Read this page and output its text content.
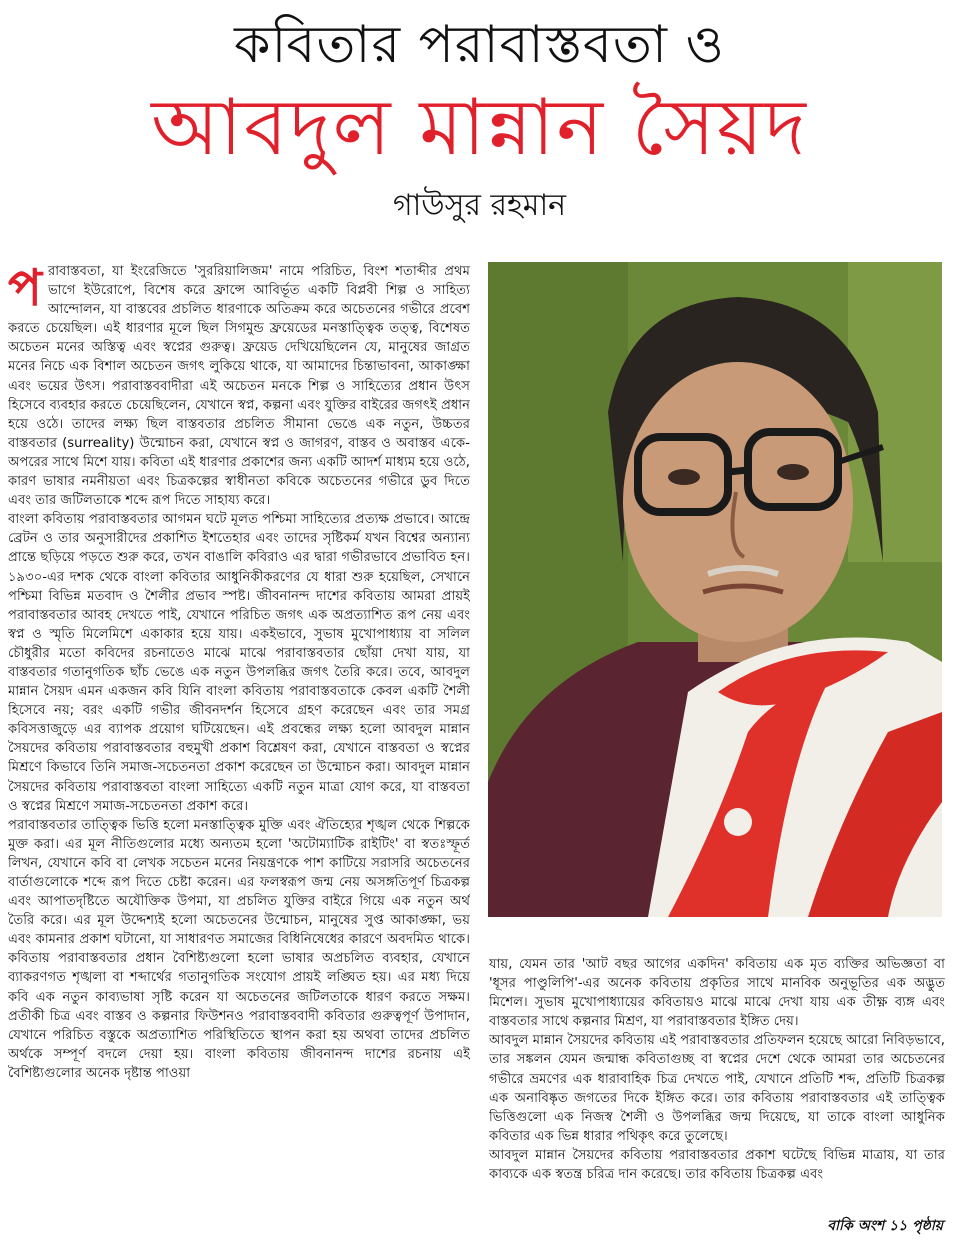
কবিতার পরাবাস্তবতা ও
আবদুল মান্নান সৈয়দ
গাউসুর রহমান

পরাবাস্তবতা, যা ইংরেজিতে 'সুররিয়ালিজম' নামে পরিচিত, বিংশ শতাব্দীর প্রথম ভাগে ইউরোপে, বিশেষ করে ফ্রান্সে আবির্ভূত একটি বিপ্লবী শিল্প ও সাহিত্য আন্দোলন, যা বাস্তবের প্রচলিত ধারণাকে অতিক্রম করে অচেতনের গভীরে প্রবেশ করতে চেয়েছিল। এই ধারণার মূলে ছিল সিগমুন্ড ফ্রয়েডের মনস্তাত্ত্বিক তত্ত্ব, বিশেষত অচেতন মনের অস্তিত্ব এবং স্বপ্নের গুরুত্ব। ফ্রয়েড দেখিয়েছিলেন যে, মানুষের জাগ্রত মনের নিচে এক বিশাল অচেতন জগৎ লুকিয়ে থাকে, যা আমাদের চিন্তাভাবনা, আকাঙ্ক্ষা এবং ভয়ের উৎস। পরাবাস্তববাদীরা এই অচেতন মনকে শিল্প ও সাহিত্যের প্রধান উৎস হিসেবে ব্যবহার করতে চেয়েছিলেন, যেখানে স্বপ্ন, কল্পনা এবং যুক্তির বাইরের জগৎই প্রধান হয়ে ওঠে। তাদের লক্ষ্য ছিল বাস্তবতার প্রচলিত সীমানা ভেঙে এক নতুন, উচ্চতর বাস্তবতার (surreality) উন্মোচন করা, যেখানে স্বপ্ন ও জাগরণ, বাস্তব ও অবাস্তব একে-অপরের সাথে মিশে যায়। কবিতা এই ধারণার প্রকাশের জন্য একটি আদর্শ মাধ্যম হয়ে ওঠে, কারণ ভাষার নমনীয়তা এবং চিত্রকল্পের স্বাধীনতা কবিকে অচেতনের গভীরে ডুব দিতে এবং তার জটিলতাকে শব্দে রূপ দিতে সাহায্য করে।

বাংলা কবিতায় পরাবাস্তবতার আগমন ঘটে মূলত পশ্চিমা সাহিত্যের প্রত্যক্ষ প্রভাবে। আন্দ্রে ব্রেটন ও তার অনুসারীদের প্রকাশিত ইশতেহার এবং তাদের সৃষ্টিকর্ম যখন বিশ্বের অন্যান্য প্রান্তে ছড়িয়ে পড়তে শুরু করে, তখন বাঙালি কবিরাও এর দ্বারা গভীরভাবে প্রভাবিত হন। ১৯৩০-এর দশক থেকে বাংলা কবিতার আধুনিকীকরণের যে ধারা শুরু হয়েছিল, সেখানে পশ্চিমা বিভিন্ন মতবাদ ও শৈলীর প্রভাব স্পষ্ট। জীবনানন্দ দাশের কবিতায় আমরা প্রায়ই পরাবাস্তবতার আবহ দেখতে পাই, যেখানে পরিচিত জগৎ এক অপ্রত্যাশিত রূপ নেয় এবং স্বপ্ন ও স্মৃতি মিলেমিশে একাকার হয়ে যায়। একইভাবে, সুভাষ মুখোপাধ্যায় বা সলিল চৌধুরীর মতো কবিদের রচনাতেও মাঝে মাঝে পরাবাস্তবতার ছোঁয়া দেখা যায়, যা বাস্তবতার গতানুগতিক ছাঁচ ভেঙে এক নতুন উপলব্ধির জগৎ তৈরি করে। তবে, আবদুল মান্নান সৈয়দ এমন একজন কবি যিনি বাংলা কবিতায় পরাবাস্তবতাকে কেবল একটি শৈলী হিসেবে নয়; বরং একটি গভীর জীবনদর্শন হিসেবে গ্রহণ করেছেন এবং তার সমগ্র কবিসত্তাজুড়ে এর ব্যাপক প্রয়োগ ঘটিয়েছেন। এই প্রবন্ধের লক্ষ্য হলো আবদুল মান্নান সৈয়দের কবিতায় পরাবাস্তবতার বহুমুখী প্রকাশ বিশ্লেষণ করা, যেখানে বাস্তবতা ও স্বপ্নের মিশ্রণে কিভাবে তিনি সমাজ-সচেতনতা প্রকাশ করেছেন তা উন্মোচন করা। আবদুল মান্নান সৈয়দের কবিতায় পরাবাস্তবতা বাংলা সাহিত্যে একটি নতুন মাত্রা যোগ করে, যা বাস্তবতা ও স্বপ্নের মিশ্রণে সমাজ-সচেতনতা প্রকাশ করে।

পরাবাস্তবতার তাত্ত্বিক ভিত্তি হলো মনস্তাত্ত্বিক মুক্তি এবং ঐতিহ্যের শৃঙ্খল থেকে শিল্পকে মুক্ত করা। এর মূল নীতিগুলোর মধ্যে অন্যতম হলো 'অটোম্যাটিক রাইটিং' বা স্বতঃস্ফূর্ত লিখন, যেখানে কবি বা লেখক সচেতন মনের নিয়ন্ত্রণকে পাশ কাটিয়ে সরাসরি অচেতনের বার্তাগুলোকে শব্দে রূপ দিতে চেষ্টা করেন। এর ফলস্বরূপ জন্ম নেয় অসঙ্গতিপূর্ণ চিত্রকল্প এবং আপাতদৃষ্টিতে অযৌক্তিক উপমা, যা প্রচলিত যুক্তির বাইরে গিয়ে এক নতুন অর্থ তৈরি করে। এর মূল উদ্দেশ্যই হলো অচেতনের উন্মোচন, মানুষের সুপ্ত আকাঙ্ক্ষা, ভয় এবং কামনার প্রকাশ ঘটানো, যা সাধারণত সমাজের বিধিনিষেধের কারণে অবদমিত থাকে। কবিতায় পরাবাস্তবতার প্রধান বৈশিষ্ট্যগুলো হলো ভাষার অপ্রচলিত ব্যবহার, যেখানে ব্যাকরণগত শৃঙ্খলা বা শব্দার্থের গতানুগতিক সংযোগ প্রায়ই লঙ্ঘিত হয়। এর মধ্য দিয়ে কবি এক নতুন কাব্যভাষা সৃষ্টি করেন যা অচেতনের জটিলতাকে ধারণ করতে সক্ষম। প্রতীকী চিত্র এবং বাস্তব ও কল্পনার ফিউশনও পরাবাস্তববাদী কবিতার গুরুত্বপূর্ণ উপাদান, যেখানে পরিচিত বস্তুকে অপ্রত্যাশিত পরিস্থিতিতে স্থাপন করা হয় অথবা তাদের প্রচলিত অর্থকে সম্পূর্ণ বদলে দেয়া হয়। বাংলা কবিতায় জীবনানন্দ দাশের রচনায় এই বৈশিষ্ট্যগুলোর অনেক দৃষ্টান্ত পাওয়া

যায়, যেমন তার 'আট বছর আগের একদিন' কবিতায় এক মৃত ব্যক্তির অভিজ্ঞতা বা 'ধূসর পাণ্ডুলিপি'-এর অনেক কবিতায় প্রকৃতির সাথে মানবিক অনুভূতির এক অদ্ভুত মিশেল। সুভাষ মুখোপাধ্যায়ের কবিতায়ও মাঝে মাঝে দেখা যায় এক তীক্ষ্ণ ব্যঙ্গ এবং বাস্তবতার সাথে কল্পনার মিশ্রণ, যা পরাবাস্তবতার ইঙ্গিত দেয়।

আবদুল মান্নান সৈয়দের কবিতায় এই পরাবাস্তবতার প্রতিফলন হয়েছে আরো নিবিড়ভাবে, তার সঙ্কলন যেমন জন্মান্ধ কবিতাগুচ্ছ বা স্বপ্নের দেশে থেকে আমরা তার অচেতনের গভীরে ভ্রমণের এক ধারাবাহিক চিত্র দেখতে পাই, যেখানে প্রতিটি শব্দ, প্রতিটি চিত্রকল্প এক অনাবিষ্কৃত জগতের দিকে ইঙ্গিত করে। তার কবিতায় পরাবাস্তবতার এই তাত্ত্বিক ভিত্তিগুলো এক নিজস্ব শৈলী ও উপলব্ধির জন্ম দিয়েছে, যা তাকে বাংলা আধুনিক কবিতার এক ভিন্ন ধারার পথিকৃৎ করে তুলেছে।

আবদুল মান্নান সৈয়দের কবিতায় পরাবাস্তবতার প্রকাশ ঘটেছে বিভিন্ন মাত্রায়, যা তার কাব্যকে এক স্বতন্ত্র চরিত্র দান করেছে। তার কবিতায় চিত্রকল্প এবং

বাকি অংশ ১১ পৃষ্ঠায়
